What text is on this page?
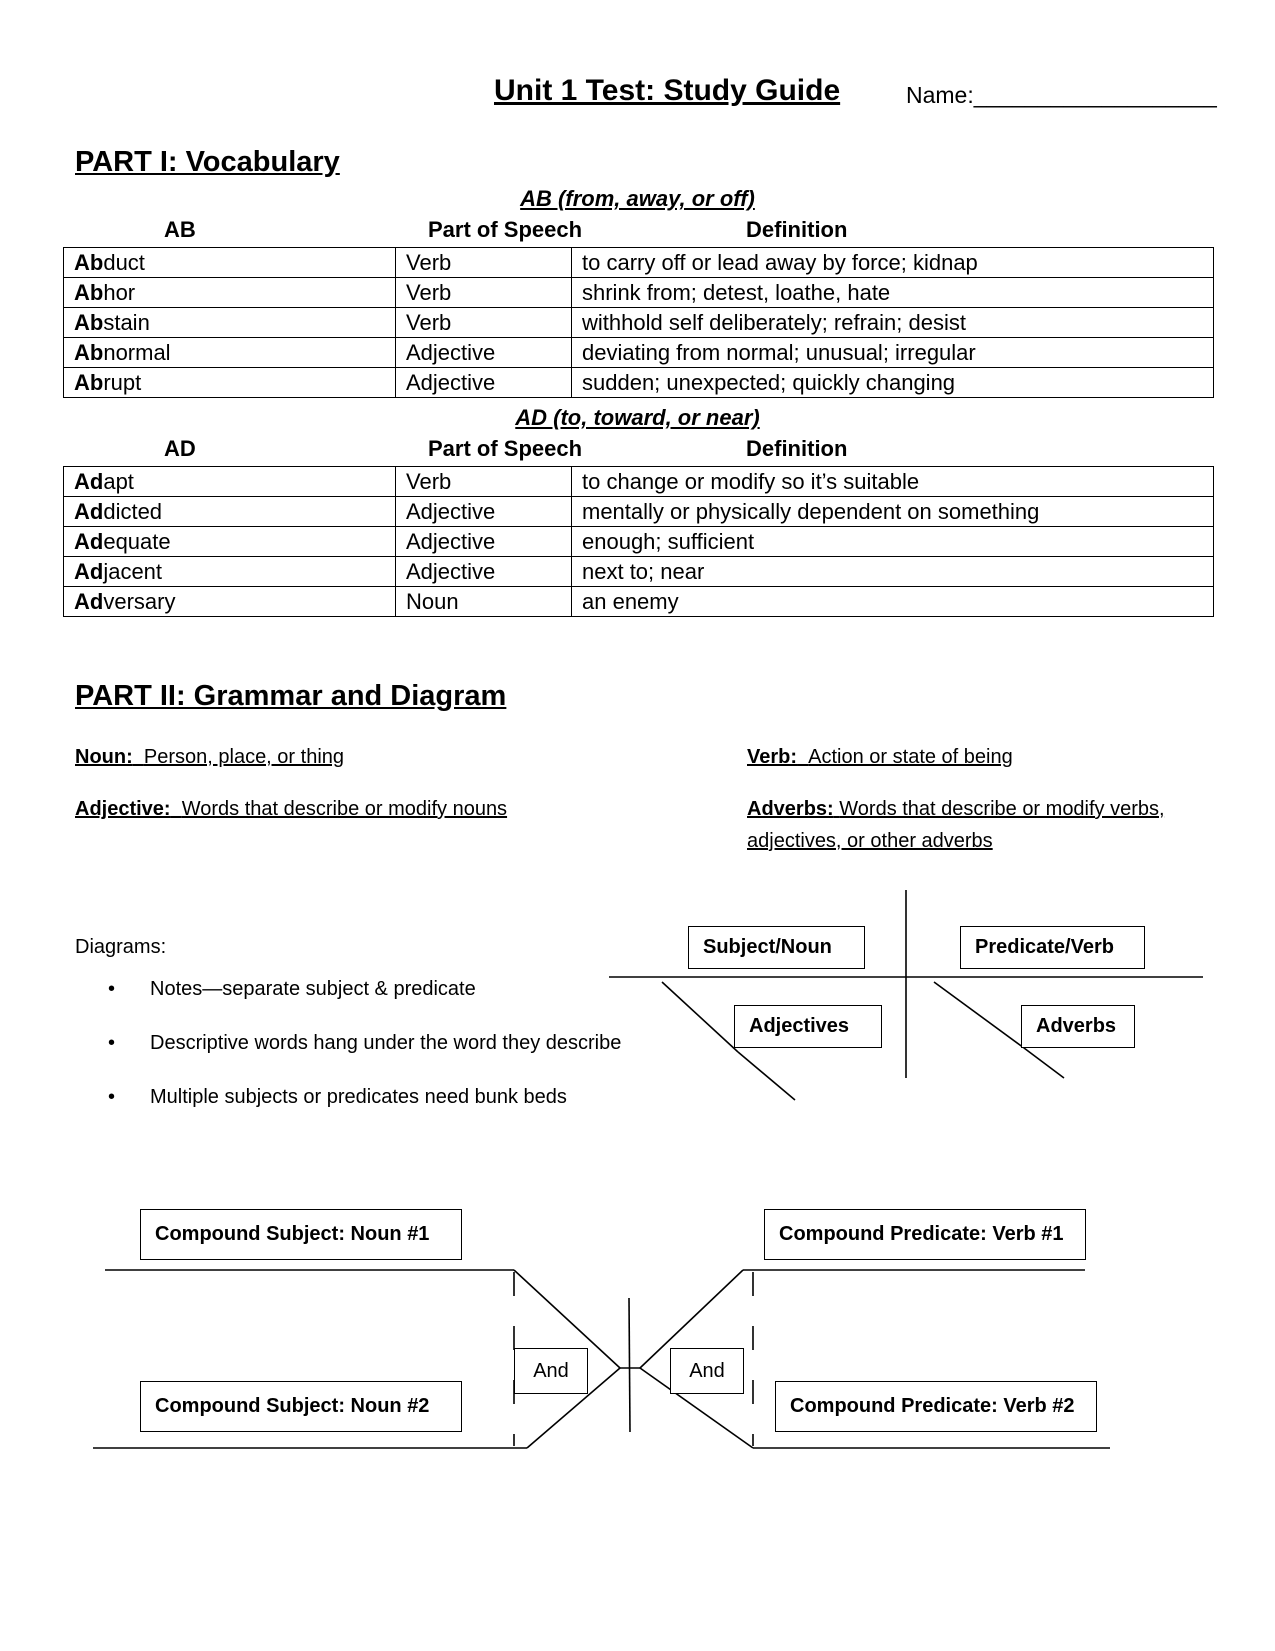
Unit 1 Test: Study Guide	Name:___________________
PART I: Vocabulary
AB (from, away, or off)
AB	Part of Speech	Definition
Abduct	Verb	to carry off or lead away by force; kidnap
Abhor	Verb	shrink from; detest, loathe, hate
Abstain	Verb	withhold self deliberately; refrain; desist
Abnormal	Adjective	deviating from normal; unusual; irregular
Abrupt	Adjective	sudden; unexpected; quickly changing
AD (to, toward, or near)
AD	Part of Speech	Definition
Adapt	Verb	to change or modify so it’s suitable
Addicted	Adjective	mentally or physically dependent on something
Adequate	Adjective	enough; sufficient
Adjacent	Adjective	next to; near
Adversary	Noun	an enemy
PART II: Grammar and Diagram
Noun: Person, place, or thing	Verb: Action or state of being
Adjective: Words that describe or modify nouns	Adverbs: Words that describe or modify verbs,
adjectives, or other adverbs
Diagrams:
• Notes—separate subject & predicate
• Descriptive words hang under the word they describe
• Multiple subjects or predicates need bunk beds
Subject/Noun	Predicate/Verb
Adjectives	Adverbs
Compound Subject: Noun #1
Compound Subject: Noun #2
Compound Predicate: Verb #1
Compound Predicate: Verb #2
And	And
